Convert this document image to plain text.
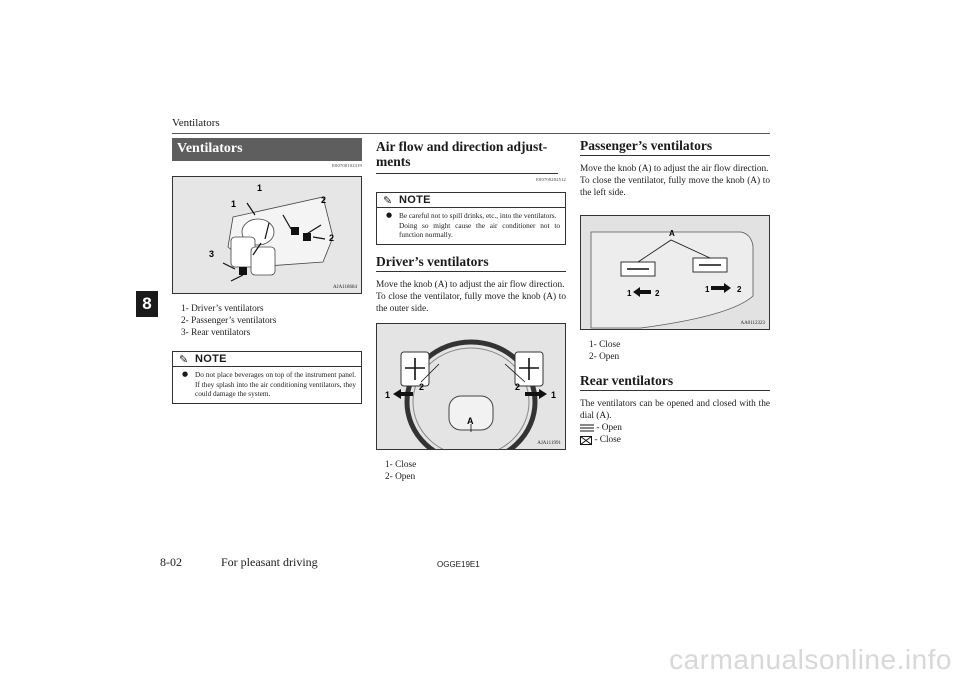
Ventilators
8
Ventilators
E00700102319
1
1	2
2
3
AJA118684
1- Driver’s ventilators
2- Passenger’s ventilators
3- Rear ventilators
✎ NOTE
● Do not place beverages on top of the instrument panel. If they splash into the air conditioning ventilators, they could damage the system.
Air flow and direction adjustments
E00700202512
✎ NOTE
● Be careful not to spill drinks, etc., into the ventilators.
Doing so might cause the air conditioner not to function normally.
Driver’s ventilators

Move the knob (A) to adjust the air flow direction.

To close the ventilator, fully move the knob (A) to the outer side.

1
2	2
1
A
AJA111991
1- Close
2- Open
Passenger’s ventilators

Move the knob (A) to adjust the air flow direction.

To close the ventilator, fully move the knob (A) to the left side.

A
1	2	1	2
AA0112323
1- Close
2- Open
Rear ventilators

The ventilators can be opened and closed with the dial (A).

- Open
- Close
8-02	For pleasant driving	OGGE19E1
carmanualsonline.info
